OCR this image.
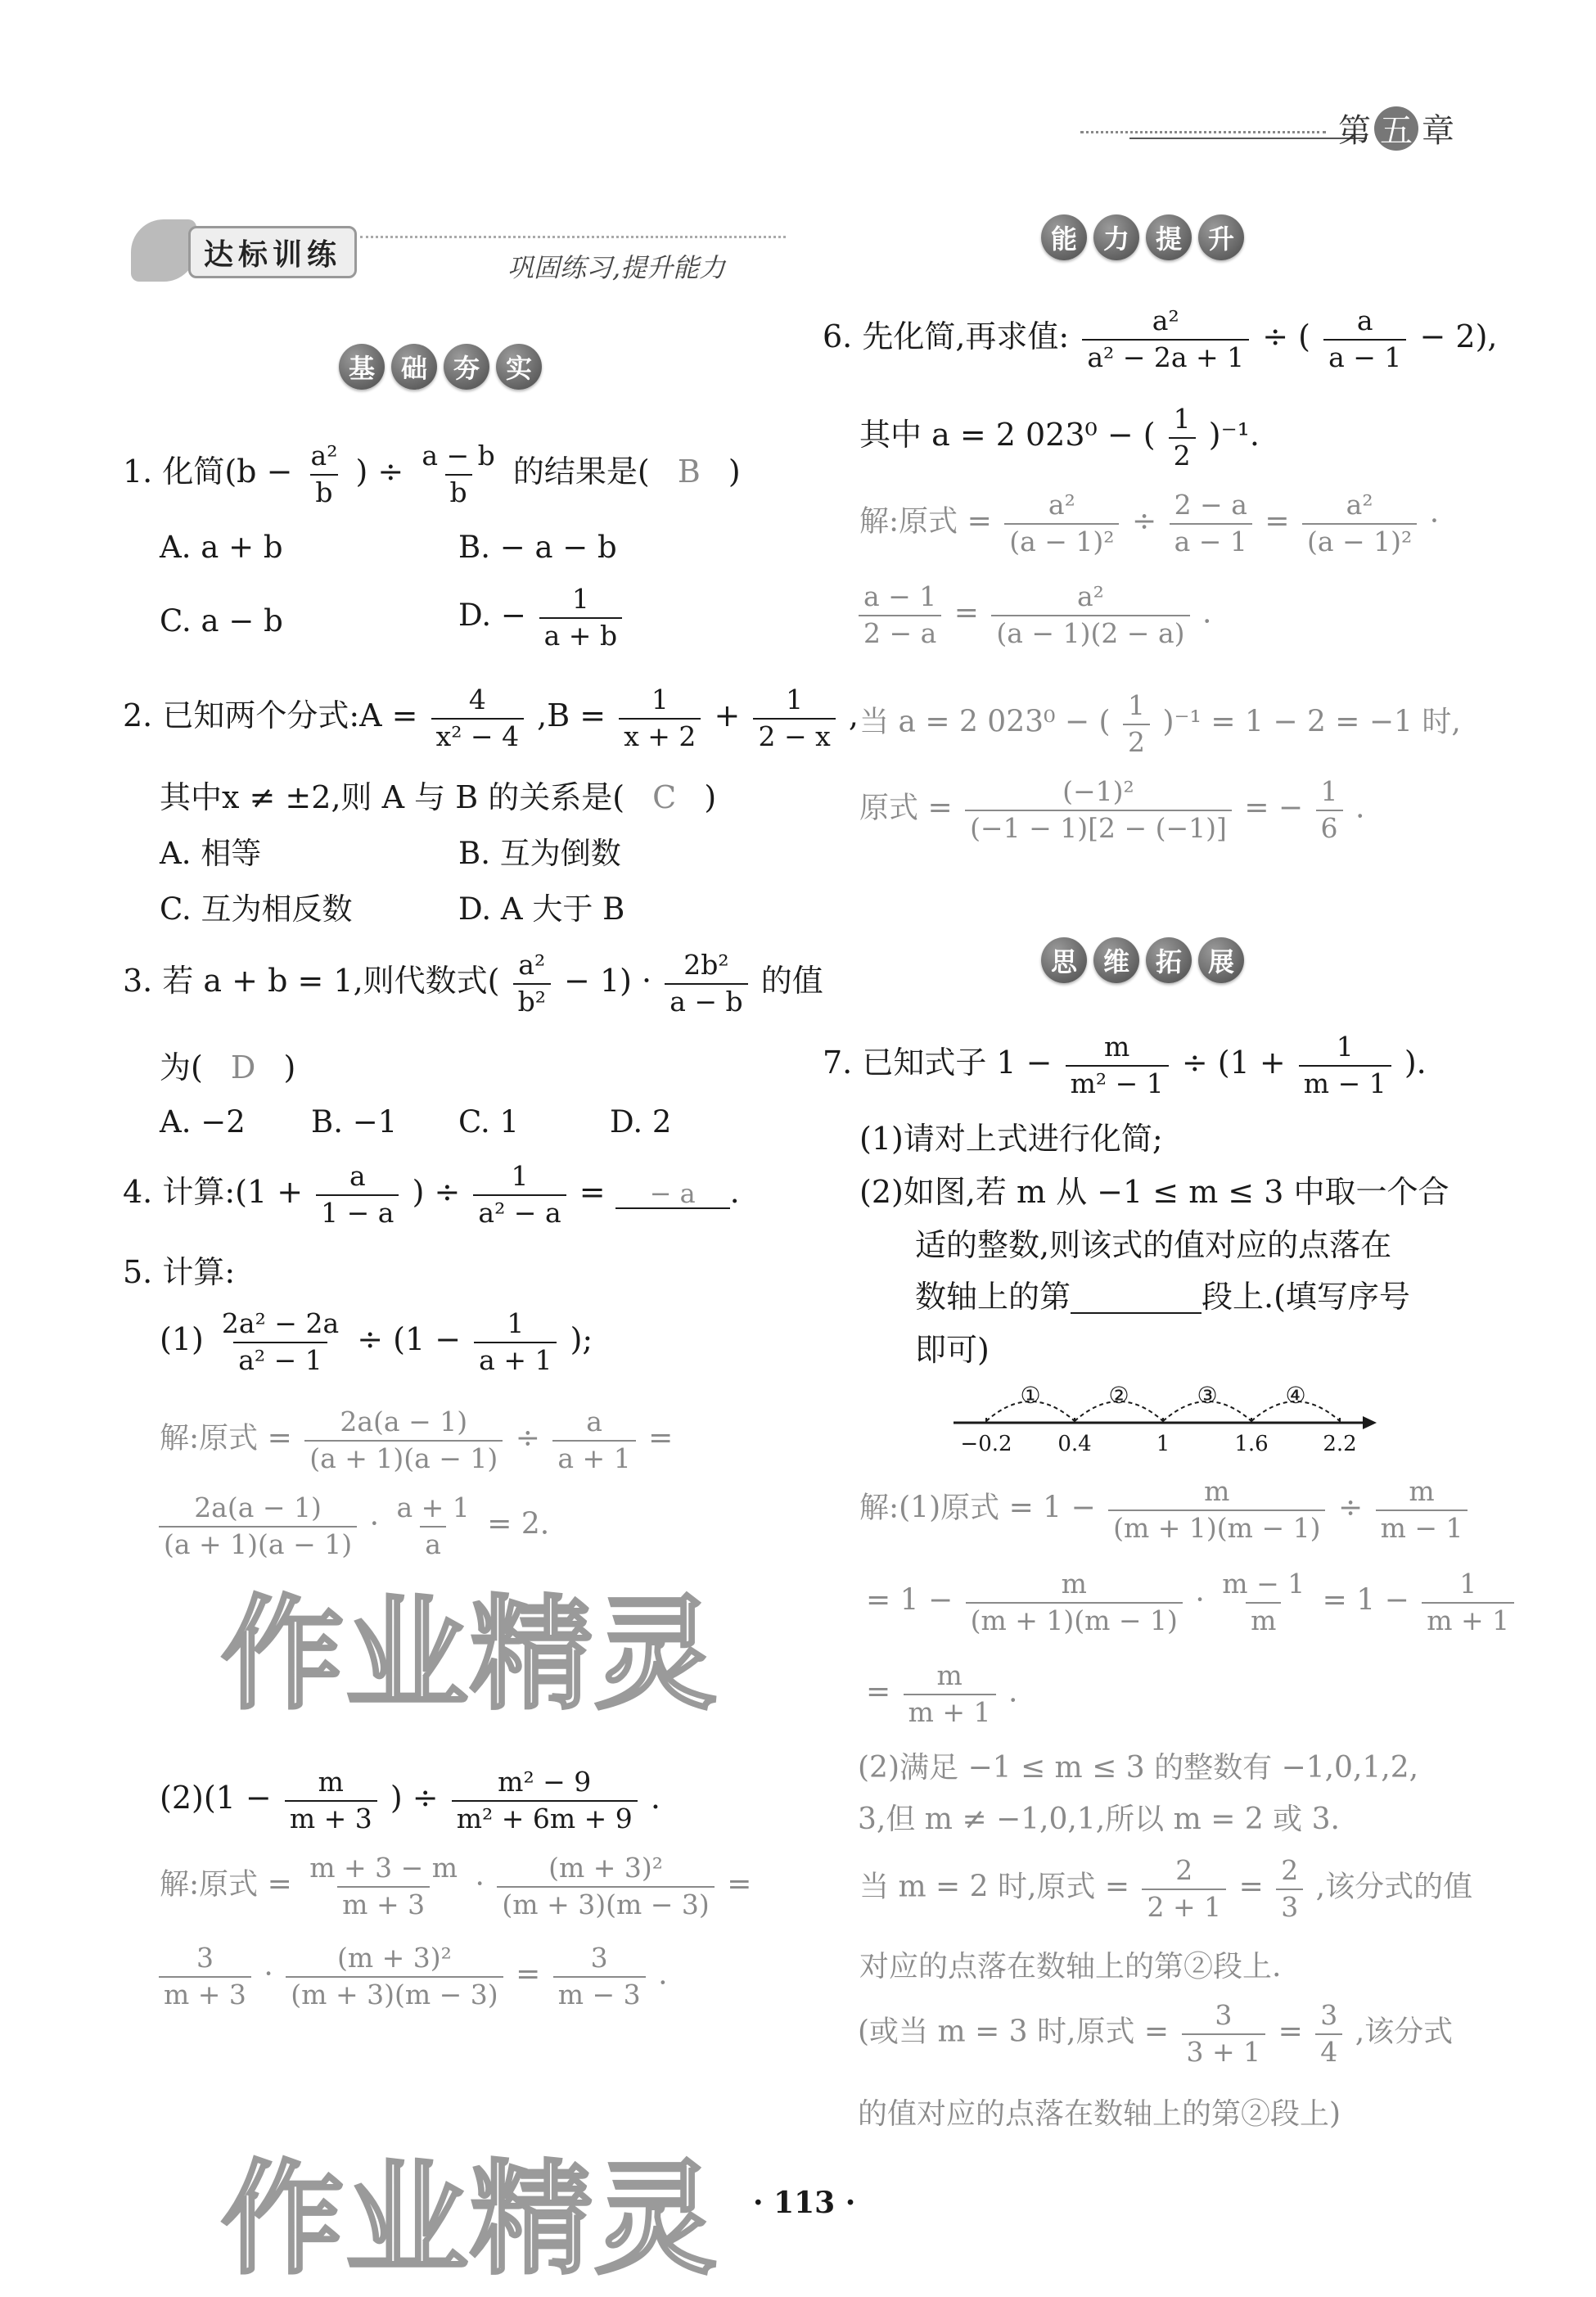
第 五 章
达标训练	巩固练习,提升能力
基 础 夯 实
1. 化简($b - \frac{\text{a²}}{b}$ ) ÷ $\frac{a - b}{b}$ 的结果是( B )
A. a + b	B. − a − b
C. a − b	D. − $\frac{1}{a + b}$
2. 已知两个分式:A = $\frac{4}{\text{x² − 4}} ,B = \frac{1}{x + 2} + \frac{1}{2 - x}$ ,
其中x ≠ ±2,则 A 与 B 的关系是( C )
A. 相等	B. 互为倒数
C. 互为相反数	D. A 大于 B
3. 若 a + b = 1,则代数式( $\frac{\text{a²}}{\text{b²}} - 1) \cdot \frac{\text{2b²}}{a - b}$ 的值
为( D )
A. −2 B. −1 C. 1	D. 2
4. 计算:(1 + $\frac{a}{1 - a}$ ) ÷ $\frac{1}{\text{a² − a}}$ = − a .
5. 计算:
$(1) \frac{\text{2a² − 2a}}{\text{a² − 1}} \div (1 - \frac{1}{a + 1}$ );
解:原式 = $\frac{2a(a - 1)}{(a + 1)(a - 1)} \div \frac{a}{a + 1}$ =
$\frac{2a(a - 1)}{(a + 1)(a - 1)} \cdot \frac{a + 1}{a} = 2$.
作业精灵
$(2)(1 - \frac{m}{m + 3}$ ) ÷ $\frac{\text{m² − 9}}{\text{m² + 6m + 9}}$ .
解:原式 = $\frac{m + 3 - m}{m + 3} \cdot \frac{\text{(m + 3)²}}{(m + 3)(m - 3)}$ =
$\frac{3}{m + 3} \cdot \frac{\text{(m + 3)²}}{(m + 3)(m - 3)} = \frac{3}{m - 3}$ .
作业精灵
能 力 提 升
6. 先化简,再求值: $\frac{\text{a²}}{\text{a² − 2a + 1}}$ ÷ ( $\frac{a}{a - 1} - 2$),
其中 a = 2 023⁰ − ( $\frac{1}{2} )^{-1}$.
解:原式 = $\frac{\text{a²}}{\text{(a − 1)²}} \div \frac{2 - a}{a - 1} = \frac{\text{a²}}{\text{(a − 1)²}}$ ·
$\frac{a - 1}{2 - a} = \frac{\text{a²}}{(a - 1)(2 - a)}$ .
当 a = 2 023⁰ − ( $\frac{1}{2} )^{-1} = 1 - 2 = -1$ 时,
原式 = $\frac{\text{(−1)²}}{(-1 - 1)[2 - (-1)]}$ = − $\frac{1}{6}$ .
思 维 拓 展
7. 已知式子 $1 - \frac{m}{\text{m² − 1}} \div (1 + \frac{1}{m - 1}$ ).
(1)请对上式进行化简;
(2)如图,若 m 从 −1 ≤ m ≤ 3 中取一个合
适的整数,则该式的值对应的点落在
数轴上的第	段上.(填写序号
即可)
−0.2 0.4	1	1.6	2.2
①	②	③	④
解:(1)原式 = $1 - \frac{m}{(m + 1)(m - 1)} \div \frac{m}{m - 1}$
= $1 - \frac{m}{(m + 1)(m - 1)} \cdot \frac{m - 1}{m} = 1 - \frac{1}{m + 1}$
= $\frac{m}{m + 1}$ .
(2)满足 −1 ≤ m ≤ 3 的整数有 −1,0,1,2,
3,但 m ≠ −1,0,1,所以 m = 2 或 3.
当 m = 2 时,原式 = $\frac{2}{2 + 1} = \frac{2}{3}$ ,该分式的值
对应的点落在数轴上的第②段上.
(或当 m = 3 时,原式 = $\frac{3}{3 + 1} = \frac{3}{4}$ ,该分式
的值对应的点落在数轴上的第②段上)
· 113 ·
